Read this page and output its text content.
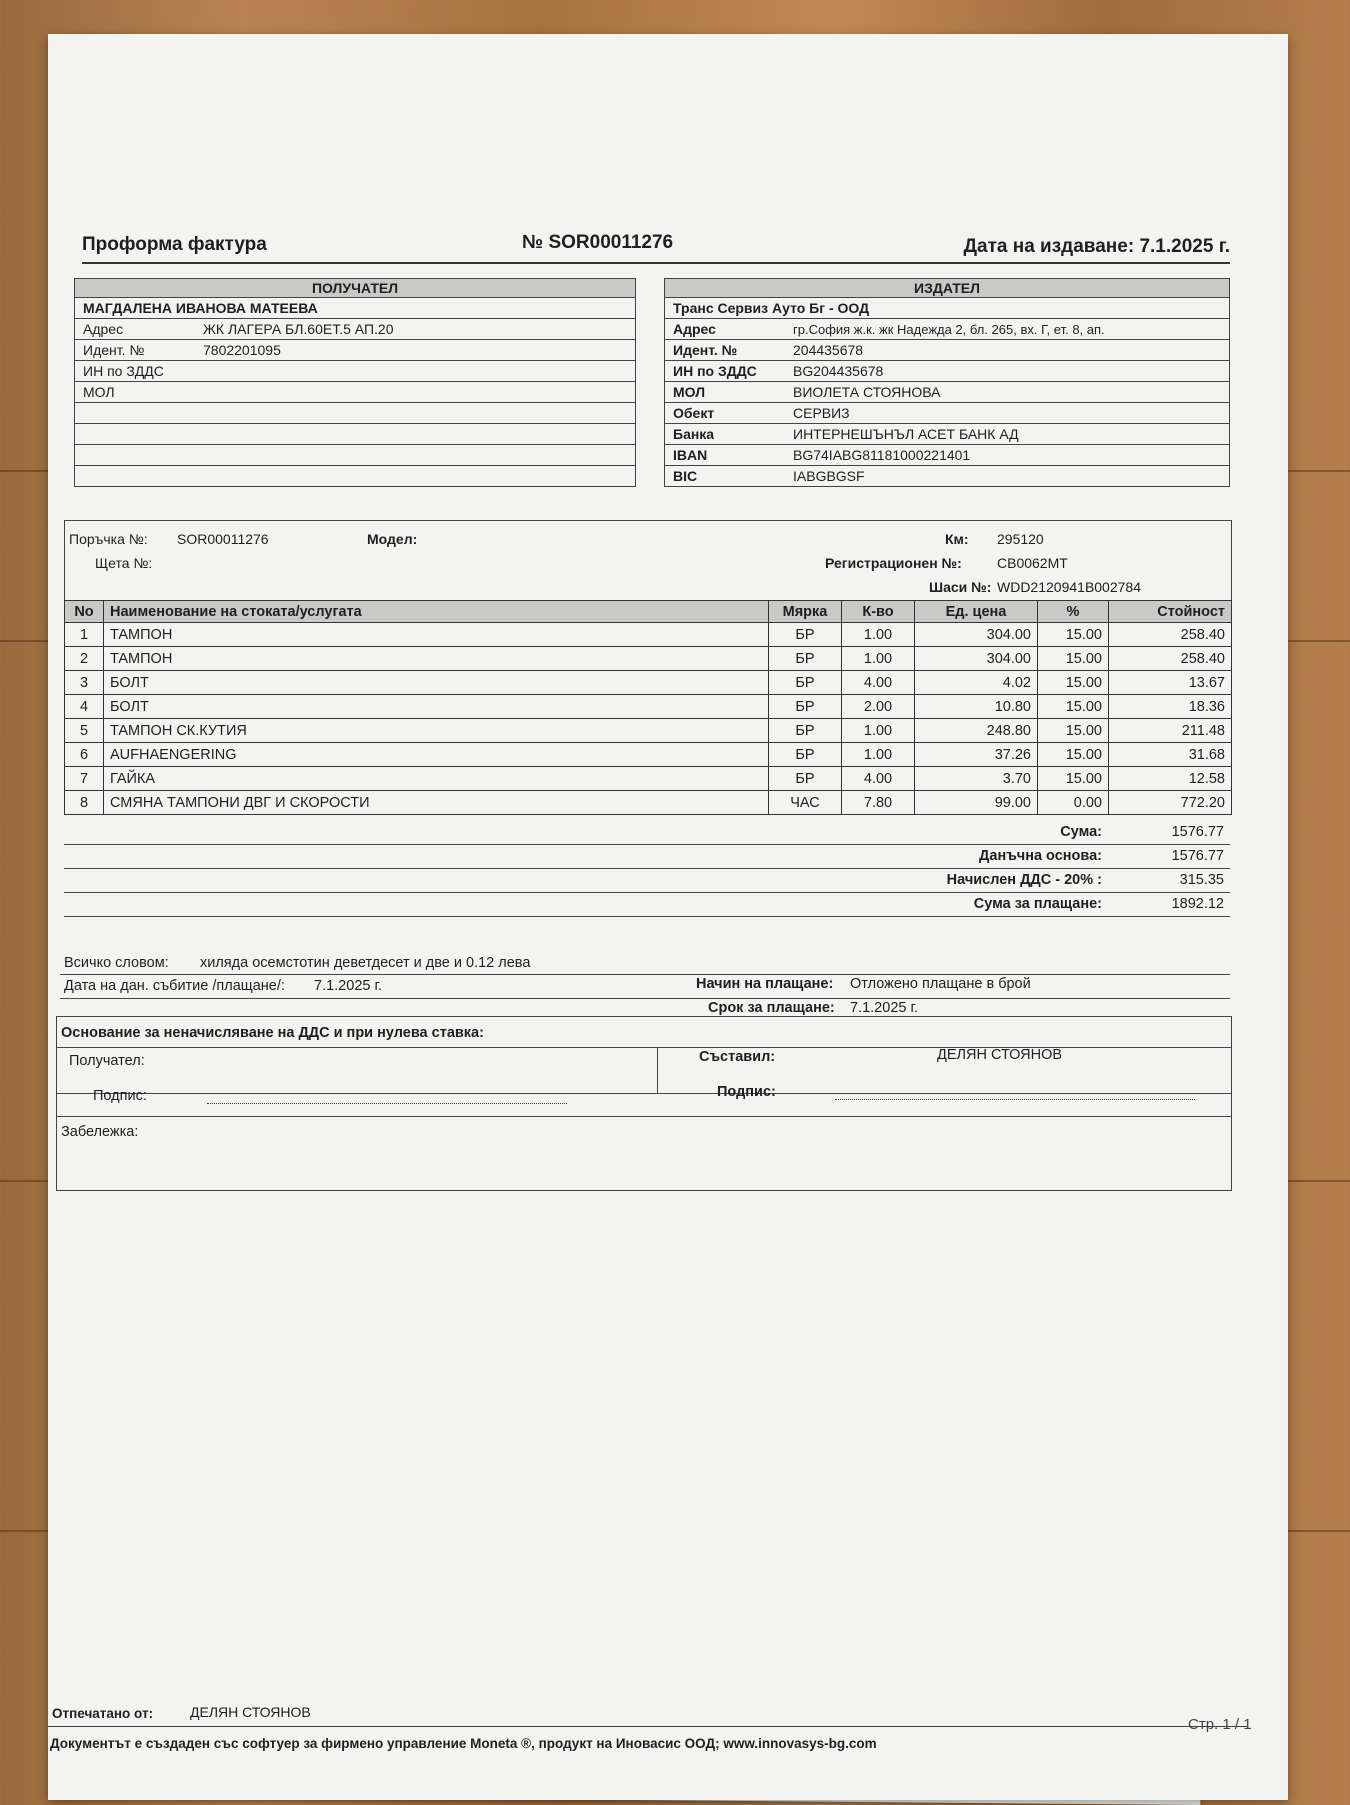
Проформа фактура	№ SOR00011276	Дата на издаване: 7.1.2025 г.
ПОЛУЧАТЕЛ	
МАГДАЛЕНА ИВАНОВА МАТЕЕВА	
Адрес	ЖК ЛАГЕРА БЛ.60ЕТ.5 АП.20
Идент. №	7802201095
ИН по ЗДДС	
МОЛ	

ИЗДАТЕЛ	
Транс Сервиз Ауто Бг - ООД	
Адрес	гр.София ж.к. жк Надежда 2, бл. 265, вх. Г, ет. 8, ап.
Идент. №	204435678
ИН по ЗДДС	BG204435678
МОЛ	ВИОЛЕТА СТОЯНОВА
Обект	СЕРВИЗ
Банка	ИНТЕРНЕШЪНЪЛ АСЕТ БАНК АД
IBAN	BG74IABG81181000221401
BIC	IABGBGSF
Поръчка №: SOR00011276	Модел:	Км: 295120
Щета №:	Регистрационен №:	CB0062MT
Шаси №: WDD2120941B002784
No	Наименование на стоката/услугата	Мярка	К-во	Ед. цена	%	Стойност
1	ТАМПОН	БР	1.00	304.00	15.00	258.40
2	ТАМПОН	БР	1.00	304.00	15.00	258.40
3	БОЛТ	БР	4.00	4.02	15.00	13.67
4	БОЛТ	БР	2.00	10.80	15.00	18.36
5	ТАМПОН СК.КУТИЯ	БР	1.00	248.80	15.00	211.48
6	AUFHAENGERING	БР	1.00	37.26	15.00	31.68
7	ГАЙКА	БР	4.00	3.70	15.00	12.58
8	СМЯНА ТАМПОНИ ДВГ И СКОРОСТИ	ЧАС	7.80	99.00	0.00	772.20
Сума:	1576.77
Данъчна основа:	1576.77
Начислен ДДС - 20% :	315.35
Сума за плащане:	1892.12
Всичко словом: хиляда осемстотин деветдесет и две и 0.12 лева
Дата на дан. събитие /плащане/: 7.1.2025 г.	Начин на плащане: Отложено плащане в брой
Срок за плащане: 7.1.2025 г.
Основание за неначисляване на ДДС и при нулева ставка:
Получател:	Съставил:	ДЕЛЯН СТОЯНОВ
Подпис:	Подпис:
Забележка:
Отпечатано от:	ДЕЛЯН СТОЯНОВ
Стр. 1 / 1
Документът е създаден със софтуер за фирмено управление Moneta ®, продукт на Иновасис ООД; www.innovasys-bg.com
